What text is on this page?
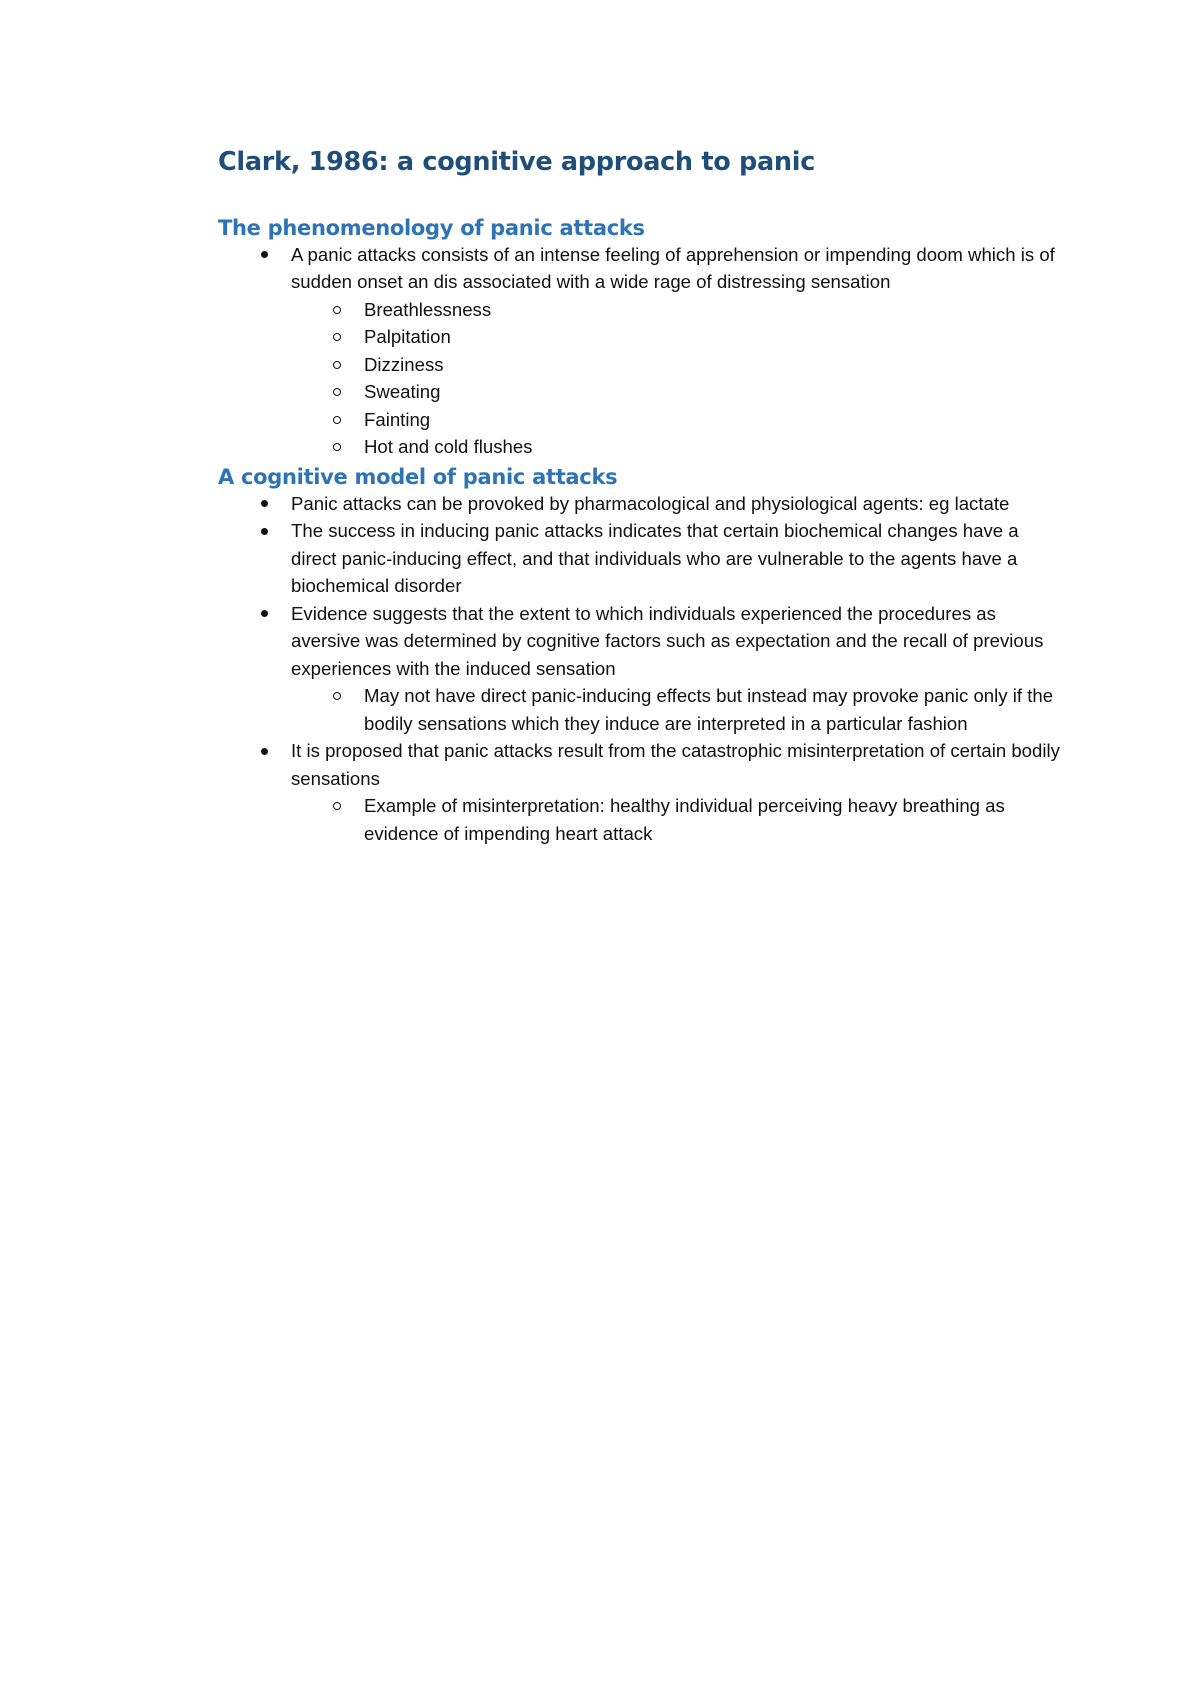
Clark, 1986: a cognitive approach to panic
The phenomenology of panic attacks

A panic attacks consists of an intense feeling of apprehension or impending doom which is of sudden onset an dis associated with a wide rage of distressing sensation

Breathlessness

Palpitation

Dizziness

Sweating

Fainting

Hot and cold flushes

A cognitive model of panic attacks

Panic attacks can be provoked by pharmacological and physiological agents: eg lactate

The success in inducing panic attacks indicates that certain biochemical changes have a direct panic-inducing effect, and that individuals who are vulnerable to the agents have a biochemical disorder

Evidence suggests that the extent to which individuals experienced the procedures as aversive was determined by cognitive factors such as expectation and the recall of previous experiences with the induced sensation

May not have direct panic-inducing effects but instead may provoke panic only if the bodily sensations which they induce are interpreted in a particular fashion

It is proposed that panic attacks result from the catastrophic misinterpretation of certain bodily sensations

Example of misinterpretation: healthy individual perceiving heavy breathing as evidence of impending heart attack
